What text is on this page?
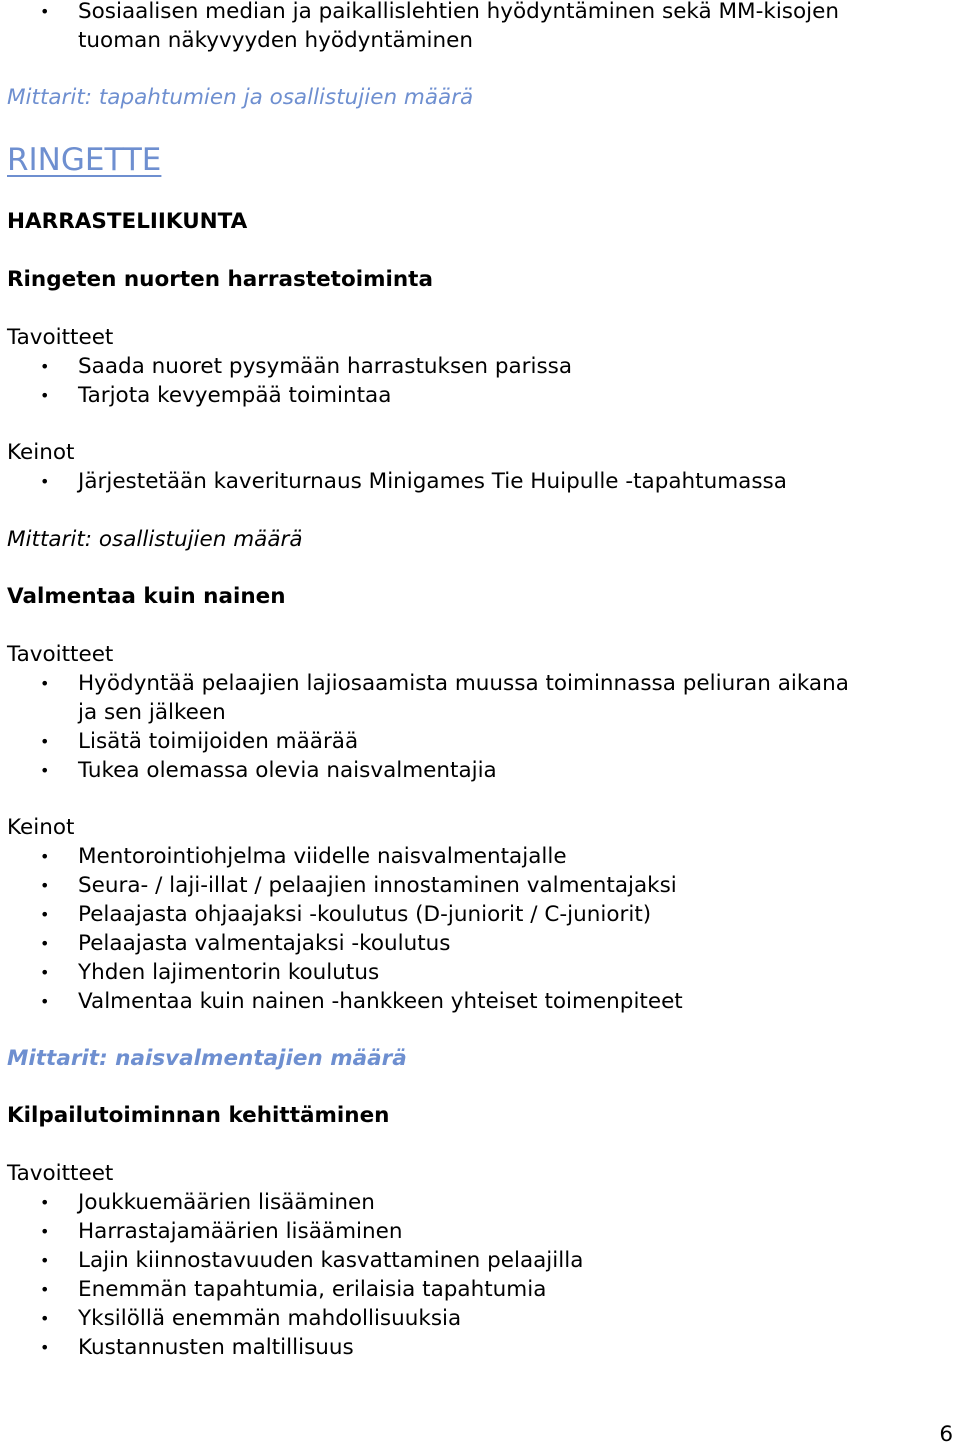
• Sosiaalisen median ja paikallislehtien hyödyntäminen sekä MM-kisojen
tuoman näkyvyyden hyödyntäminen
Mittarit: tapahtumien ja osallistujien määrä
RINGETTE
HARRASTELIIKUNTA
Ringeten nuorten harrastetoiminta
Tavoitteet
• Saada nuoret pysymään harrastuksen parissa
• Tarjota kevyempää toimintaa
Keinot
• Järjestetään kaveriturnaus Minigames Tie Huipulle -tapahtumassa
Mittarit: osallistujien määrä
Valmentaa kuin nainen
Tavoitteet
• Hyödyntää pelaajien lajiosaamista muussa toiminnassa peliuran aikana
ja sen jälkeen
• Lisätä toimijoiden määrää
• Tukea olemassa olevia naisvalmentajia
Keinot
• Mentorointiohjelma viidelle naisvalmentajalle
• Seura- / laji-illat / pelaajien innostaminen valmentajaksi
• Pelaajasta ohjaajaksi -koulutus (D-juniorit / C-juniorit)
• Pelaajasta valmentajaksi -koulutus
• Yhden lajimentorin koulutus
• Valmentaa kuin nainen -hankkeen yhteiset toimenpiteet
Mittarit: naisvalmentajien määrä
Kilpailutoiminnan kehittäminen
Tavoitteet
• Joukkuemäärien lisääminen
• Harrastajamäärien lisääminen
• Lajin kiinnostavuuden kasvattaminen pelaajilla
• Enemmän tapahtumia, erilaisia tapahtumia
• Yksilöllä enemmän mahdollisuuksia
• Kustannusten maltillisuus
6
